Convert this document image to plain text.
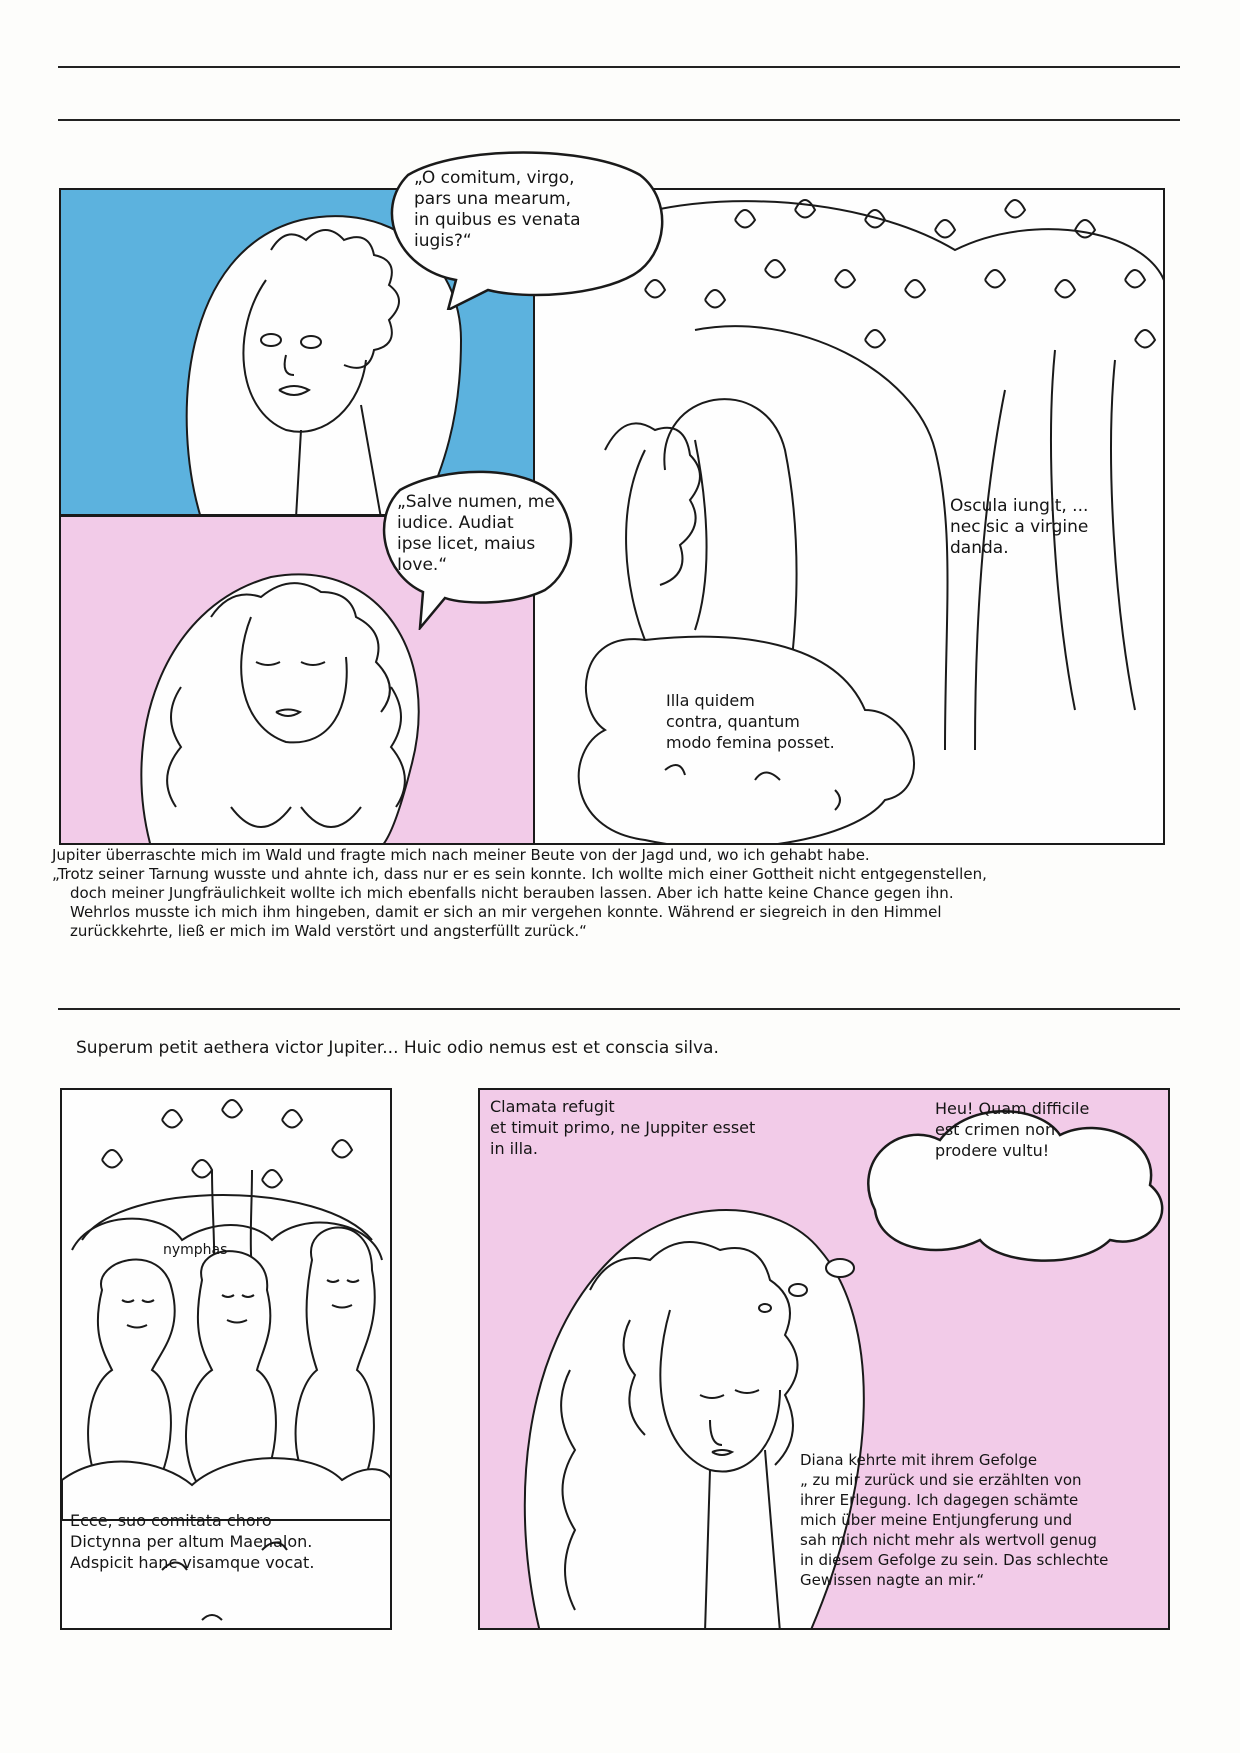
„O comitum, virgo,
pars una mearum,
in quibus es venata
iugis?“
„Salve numen, me
iudice. Audiat
ipse licet, maius
Iove.“
Oscula iungit, ...
nec sic a virgine
danda.
Illa quidem
contra, quantum
modo femina posset.
Jupiter überraschte mich im Wald und fragte mich nach meiner Beute von der Jagd und, wo ich gehabt habe.
„Trotz seiner Tarnung wusste und ahnte ich, dass nur er es sein konnte. Ich wollte mich einer Gottheit nicht entgegenstellen,
doch meiner Jungfräulichkeit wollte ich mich ebenfalls nicht berauben lassen. Aber ich hatte keine Chance gegen ihn.
Wehrlos musste ich mich ihm hingeben, damit er sich an mir vergehen konnte. Während er siegreich in den Himmel
zurückkehrte, ließ er mich im Wald verstört und angsterfüllt zurück.“
Superum petit aethera victor Jupiter... Huic odio nemus est et conscia silva.
nymphas
Ecce, suo comitata choro
Dictynna per altum Maenalon.
Adspicit hanc visamque vocat.
Clamata refugit
et timuit primo, ne Juppiter esset
in illa.
Heu! Quam difficile
est crimen non
prodere vultu!
Diana kehrte mit ihrem Gefolge
„ zu mir zurück und sie erzählten von
ihrer Erlegung. Ich dagegen schämte
mich über meine Entjungferung und
sah mich nicht mehr als wertvoll genug
in diesem Gefolge zu sein. Das schlechte
Gewissen nagte an mir.“
